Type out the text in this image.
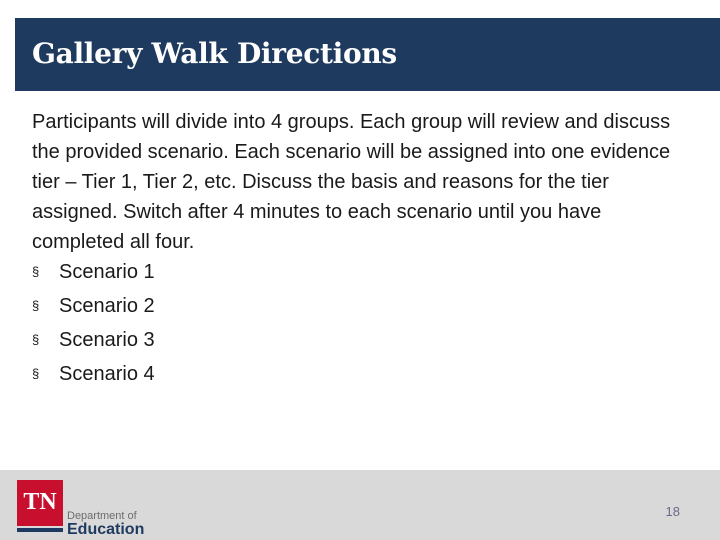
Gallery Walk Directions

Participants will divide into 4 groups. Each group will review and discuss the provided scenario. Each scenario will be assigned into one evidence tier – Tier 1, Tier 2, etc. Discuss the basis and reasons for the tier assigned. Switch after 4 minutes to each scenario until you have completed all four.

§ Scenario 1
§ Scenario 2
§ Scenario 3
§ Scenario 4
TN
Department of
Education
18
